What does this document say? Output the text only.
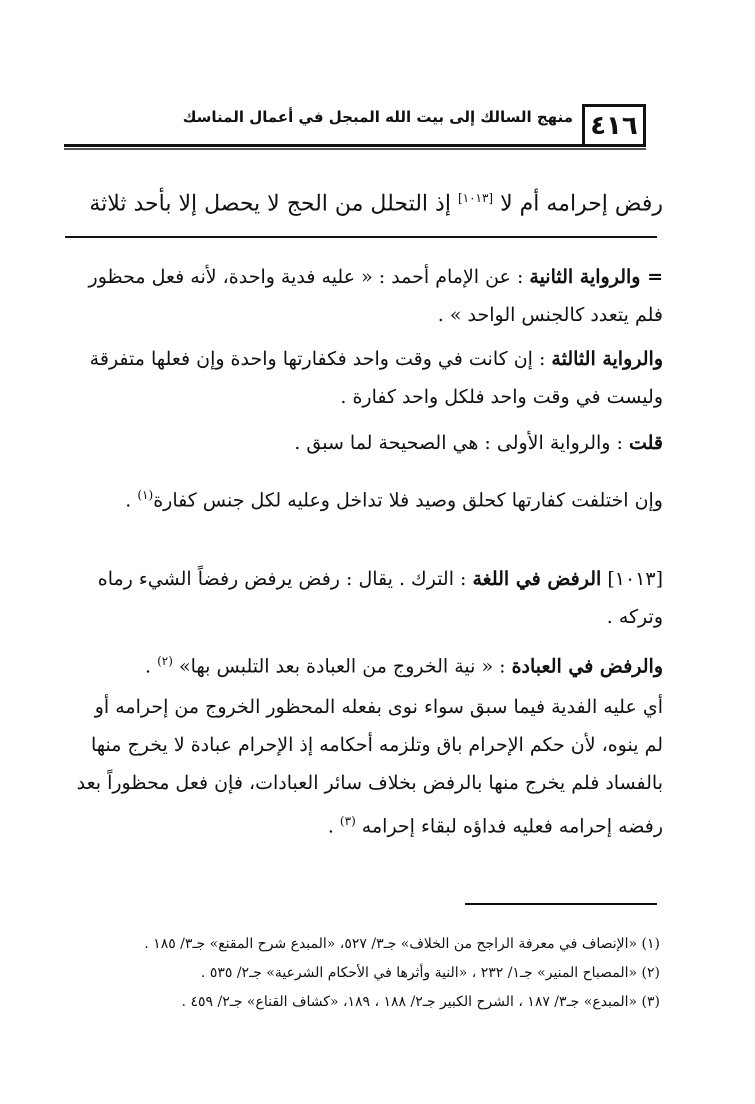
٤١٦
منهج السالك إلى بيت الله المبجل في أعمال المناسك
رفض إحرامه أم لا [١٠١٣] إذ التحلل من الحج لا يحصل إلا بأحد ثلاثة
= والرواية الثانية : عن الإمام أحمد : « عليه فدية واحدة، لأنه فعل محظور فلم يتعدد كالجنس الواحد » .
والرواية الثالثة : إن كانت في وقت واحد فكفارتها واحدة وإن فعلها متفرقة وليست في وقت واحد فلكل واحد كفارة .
قلت : والرواية الأولى : هي الصحيحة لما سبق .
وإن اختلفت كفارتها كحلق وصيد فلا تداخل وعليه لكل جنس كفارة$^{(١)}$ .
[١٠١٣] الرفض في اللغة : الترك . يقال : رفض يرفض رفضاً الشيء رماه وتركه .
والرفض في العبادة : « نية الخروج من العبادة بعد التلبس بها» $^{(٢)}$ .
أي عليه الفدية فيما سبق سواء نوى بفعله المحظور الخروج من إحرامه أو لم ينوه، لأن حكم الإحرام باق وتلزمه أحكامه إذ الإحرام عبادة لا يخرج منها بالفساد فلم يخرج منها بالرفض بخلاف سائر العبادات، فإن فعل محظوراً بعد رفضه إحرامه فعليه فداؤه لبقاء إحرامه $^{(٣)}$ .
(١) «الإنصاف في معرفة الراجح من الخلاف» جـ٣/ ٥٢٧، «المبدع شرح المقنع» جـ٣/ ١٨٥ .
(٢) «المصباح المنير» جـ١/ ٢٣٢ ، «النية وأثرها في الأحكام الشرعية» جـ٢/ ٥٣٥ .
(٣) «المبدع» جـ٣/ ١٨٧ ، الشرح الكبير جـ٢/ ١٨٨ ، ١٨٩، «كشاف القناع» جـ٢/ ٤٥٩ .
